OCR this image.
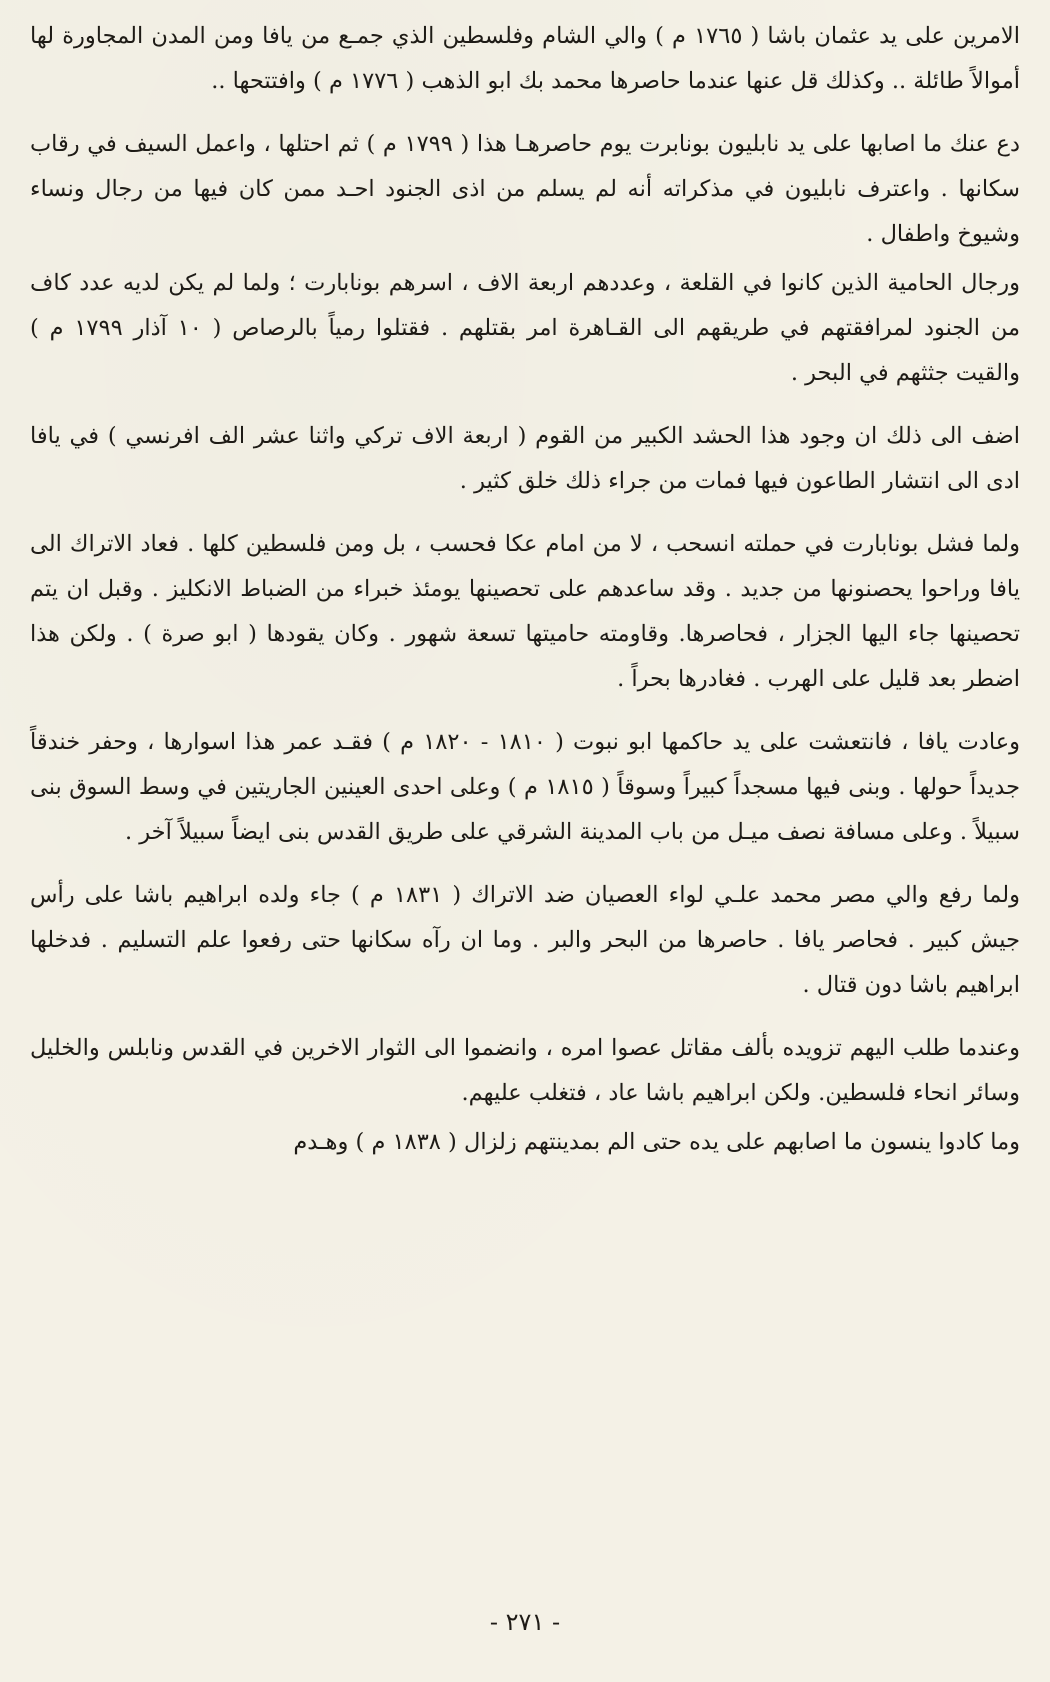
الامرين على يد عثمان باشا ( ١٧٦٥ م ) والي الشام وفلسطين الذي جمـع من يافا ومن المدن المجاورة لها أموالاً طائلة .. وكذلك قل عنها عندما حاصرها محمد بك ابو الذهب ( ١٧٧٦ م ) وافتتحها ..

دع عنك ما اصابها على يد نابليون بونابرت يوم حاصرهـا هذا ( ١٧٩٩ م ) ثم احتلها ، واعمل السيف في رقاب سكانها . واعترف نابليون في مذكراته أنه لم يسلم من اذى الجنود احـد ممن كان فيها من رجال ونساء وشيوخ واطفال .

ورجال الحامية الذين كانوا في القلعة ، وعددهم اربعة الاف ، اسرهم بونابارت ؛ ولما لم يكن لديه عدد كاف من الجنود لمرافقتهم في طريقهم الى القـاهرة امر بقتلهم . فقتلوا رمياً بالرصاص ( ١٠ آذار ١٧٩٩ م ) والقيت جثثهم في البحر .

اضف الى ذلك ان وجود هذا الحشد الكبير من القوم ( اربعة الاف تركي واثنا عشر الف افرنسي ) في يافا ادى الى انتشار الطاعون فيها فمات من جراء ذلك خلق كثير .

ولما فشل بونابارت في حملته انسحب ، لا من امام عكا فحسب ، بل ومن فلسطين كلها . فعاد الاتراك الى يافا وراحوا يحصنونها من جديد . وقد ساعدهم على تحصينها يومئذ خبراء من الضباط الانكليز . وقبل ان يتم تحصينها جاء اليها الجزار ، فحاصرها. وقاومته حاميتها تسعة شهور . وكان يقودها ( ابو صرة ) . ولكن هذا اضطر بعد قليل على الهرب . فغادرها بحراً .

وعادت يافا ، فانتعشت على يد حاكمها ابو نبوت ( ١٨١٠ - ١٨٢٠ م ) فقـد عمر هذا اسوارها ، وحفر خندقاً جديداً حولها . وبنى فيها مسجداً كبيراً وسوقاً ( ١٨١٥ م ) وعلى احدى العينين الجاريتين في وسط السوق بنى سبيلاً . وعلى مسافة نصف ميـل من باب المدينة الشرقي على طريق القدس بنى ايضاً سبيلاً آخر .

ولما رفع والي مصر محمد علـي لواء العصيان ضد الاتراك ( ١٨٣١ م ) جاء ولده ابراهيم باشا على رأس جيش كبير . فحاصر يافا . حاصرها من البحر والبر . وما ان رآه سكانها حتى رفعوا علم التسليم . فدخلها ابراهيم باشا دون قتال .

وعندما طلب اليهم تزويده بألف مقاتل عصوا امره ، وانضموا الى الثوار الاخرين في القدس ونابلس والخليل وسائر انحاء فلسطين. ولكن ابراهيم باشا عاد ، فتغلب عليهم.

وما كادوا ينسون ما اصابهم على يده حتى الم بمدينتهم زلزال ( ١٨٣٨ م ) وهـدم

- ٢٧١ -
